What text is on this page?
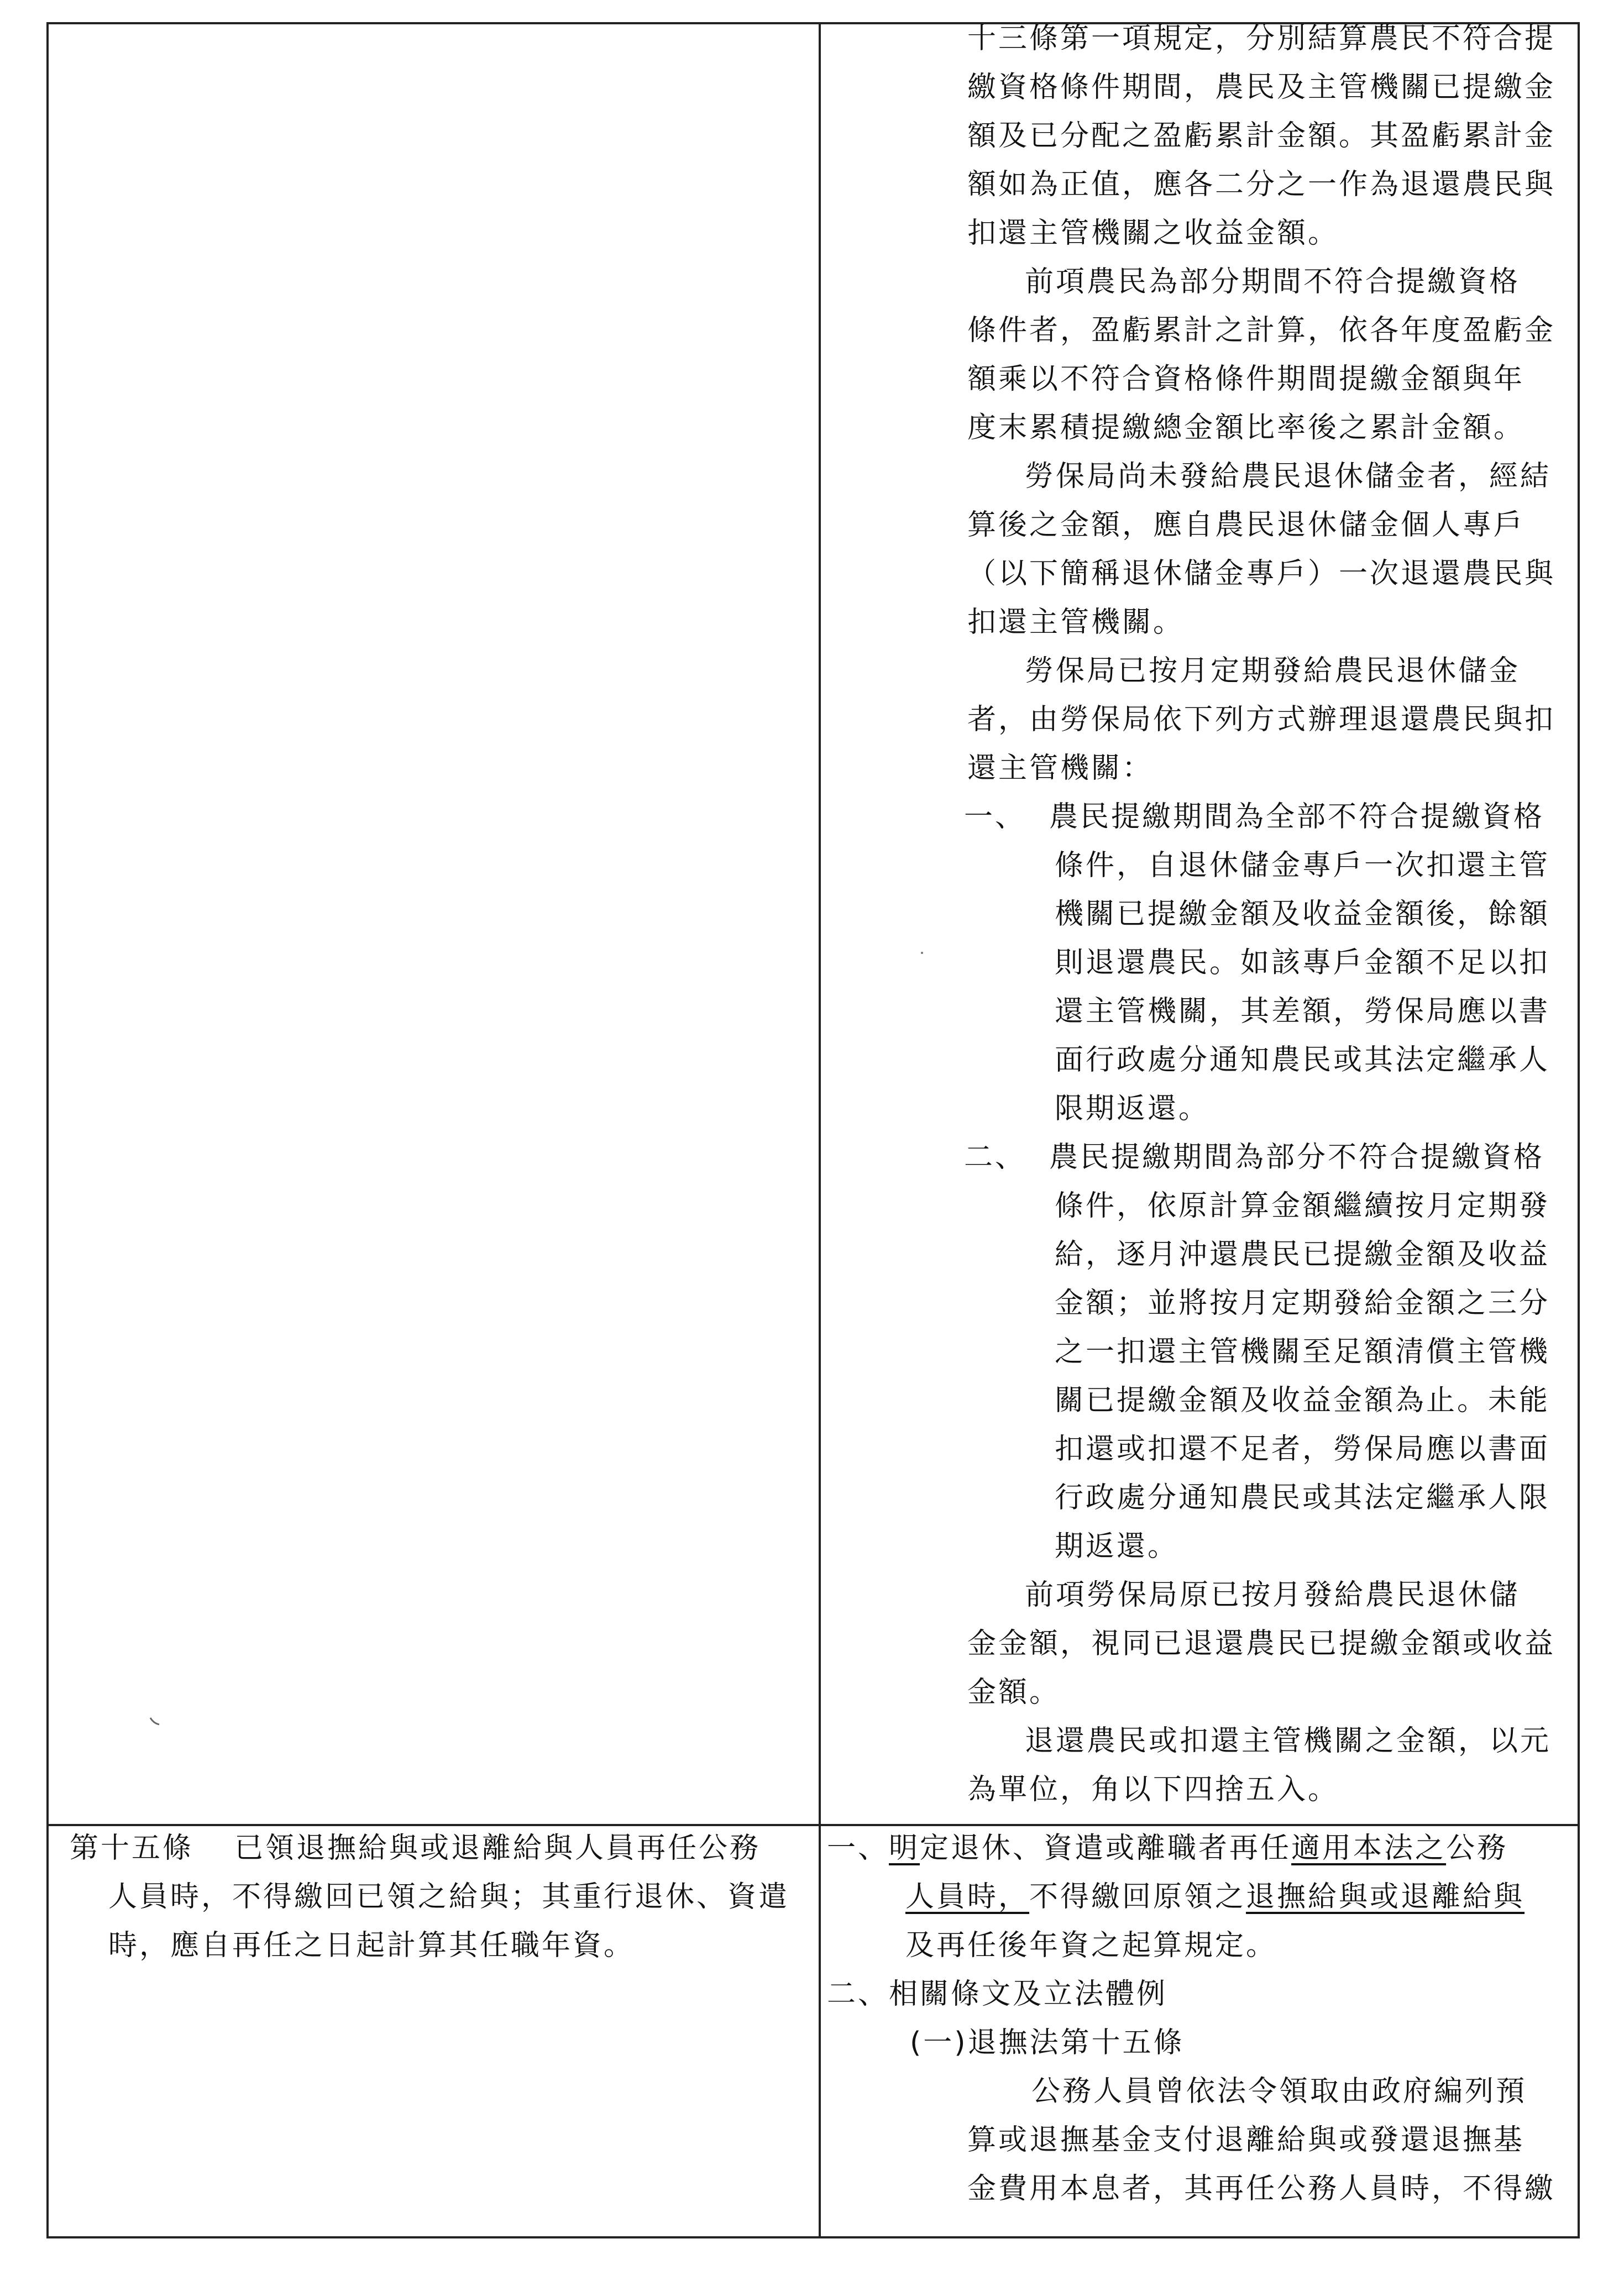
十三條第一項規定，分別結算農民不符合提

繳資格條件期間，農民及主管機關已提繳金

額及已分配之盈虧累計金額。其盈虧累計金

額如為正值，應各二分之一作為退還農民與

扣還主管機關之收益金額。

前項農民為部分期間不符合提繳資格

條件者，盈虧累計之計算，依各年度盈虧金

額乘以不符合資格條件期間提繳金額與年

度末累積提繳總金額比率後之累計金額。

勞保局尚未發給農民退休儲金者，經結

算後之金額，應自農民退休儲金個人專戶

（以下簡稱退休儲金專戶）一次退還農民與

扣還主管機關。

勞保局已按月定期發給農民退休儲金

者，由勞保局依下列方式辦理退還農民與扣

還主管機關：

一、 農民提繳期間為全部不符合提繳資格

條件，自退休儲金專戶一次扣還主管

機關已提繳金額及收益金額後，餘額

則退還農民。如該專戶金額不足以扣

還主管機關，其差額，勞保局應以書

面行政處分通知農民或其法定繼承人

限期返還。

二、 農民提繳期間為部分不符合提繳資格

條件，依原計算金額繼續按月定期發

給，逐月沖還農民已提繳金額及收益

金額；並將按月定期發給金額之三分

之一扣還主管機關至足額清償主管機

關已提繳金額及收益金額為止。未能

扣還或扣還不足者，勞保局應以書面

行政處分通知農民或其法定繼承人限

期返還。

前項勞保局原已按月發給農民退休儲

金金額，視同已退還農民已提繳金額或收益

金額。

退還農民或扣還主管機關之金額，以元

為單位，角以下四捨五入。

第十五條 已領退撫給與或退離給與人員再任公務

人員時，不得繳回已領之給與；其重行退休、資遣

時，應自再任之日起計算其任職年資。

一、明定退休、資遣或離職者再任適用本法之公務

人員時，不得繳回原領之退撫給與或退離給與

及再任後年資之起算規定。

二、相關條文及立法體例

(一)退撫法第十五條

公務人員曾依法令領取由政府編列預

算或退撫基金支付退離給與或發還退撫基

金費用本息者，其再任公務人員時，不得繳
